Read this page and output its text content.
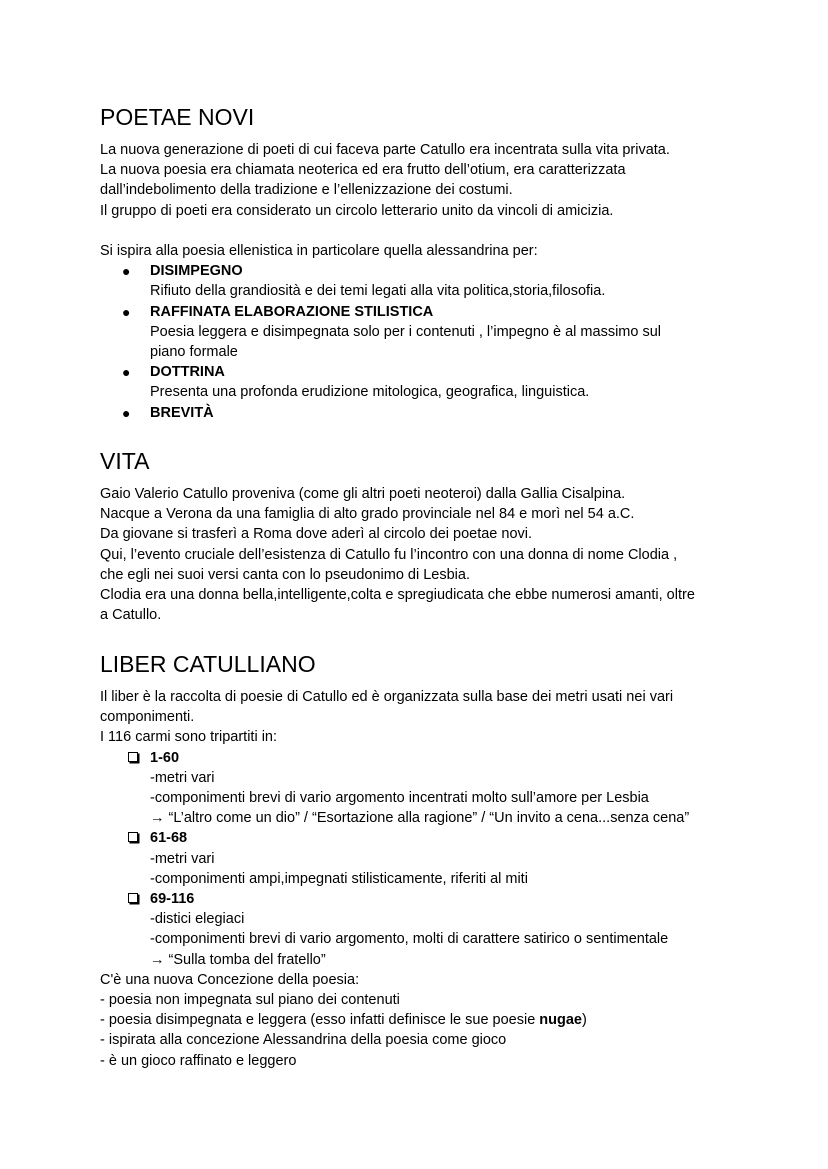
POETAE NOVI

La nuova generazione di poeti di cui faceva parte Catullo era incentrata sulla vita privata.

La nuova poesia era chiamata neoterica ed era frutto dell’otium, era caratterizzata

dall’indebolimento della tradizione e l’ellenizzazione dei costumi.

Il gruppo di poeti era considerato un circolo letterario unito da vincoli di amicizia.

Si ispira alla poesia ellenistica in particolare quella alessandrina per:

● DISIMPEGNO
Rifiuto della grandiosità e dei temi legati alla vita politica,storia,filosofia.
● RAFFINATA ELABORAZIONE STILISTICA
Poesia leggera e disimpegnata solo per i contenuti , l’impegno è al massimo sul
piano formale
● DOTTRINA
Presenta una profonda erudizione mitologica, geografica, linguistica.
● BREVITÀ
VITA

Gaio Valerio Catullo proveniva (come gli altri poeti neoteroi) dalla Gallia Cisalpina.

Nacque a Verona da una famiglia di alto grado provinciale nel 84 e morì nel 54 a.C.

Da giovane si trasferì a Roma dove aderì al circolo dei poetae novi.

Qui, l’evento cruciale dell’esistenza di Catullo fu l’incontro con una donna di nome Clodia ,

che egli nei suoi versi canta con lo pseudonimo di Lesbia.

Clodia era una donna bella,intelligente,colta e spregiudicata che ebbe numerosi amanti, oltre

a Catullo.

LIBER CATULLIANO

Il liber è la raccolta di poesie di Catullo ed è organizzata sulla base dei metri usati nei vari

componimenti.

I 116 carmi sono tripartiti in:

1-60
-metri vari
-componimenti brevi di vario argomento incentrati molto sull’amore per Lesbia
→ “L’altro come un dio” / “Esortazione alla ragione” / “Un invito a cena...senza cena”
61-68
-metri vari
-componimenti ampi,impegnati stilisticamente, riferiti al miti
69-116
-distici elegiaci
-componimenti brevi di vario argomento, molti di carattere satirico o sentimentale
→ “Sulla tomba del fratello”

C'è una nuova Concezione della poesia:

- poesia non impegnata sul piano dei contenuti

- poesia disimpegnata e leggera (esso infatti definisce le sue poesie nugae)

- ispirata alla concezione Alessandrina della poesia come gioco

- è un gioco raffinato e leggero
